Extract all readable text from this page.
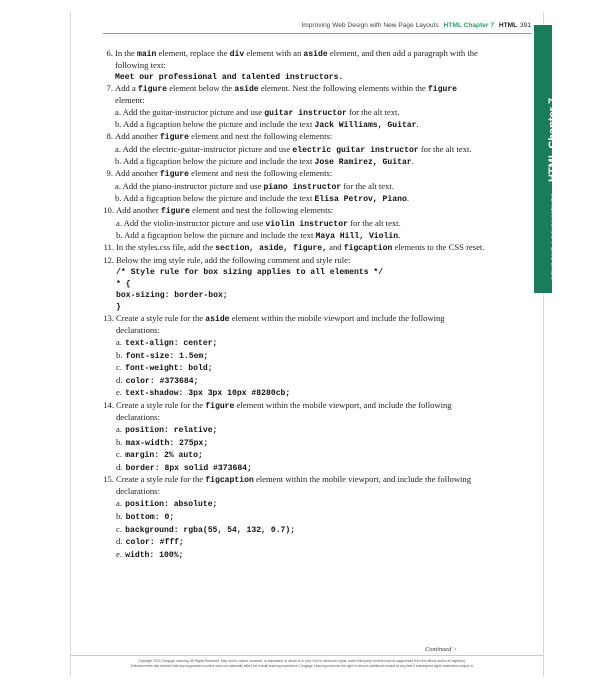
Improving Web Design with New Page Layouts HTML Chapter 7 HTML 391
STUDENT ASSIGNMENTS HTML Chapter 7
6. In the main element, replace the div element with an aside element, and then add a paragraph with the following text:
Meet our professional and talented instructors.
7. Add a figure element below the aside element. Nest the following elements within the figure element:
a. Add the guitar-instructor picture and use guitar instructor for the alt text.
b. Add a figcaption below the picture and include the text Jack Williams, Guitar.
8. Add another figure element and nest the following elements:
a. Add the electric-guitar-instructor picture and use electric guitar instructor for the alt text.
b. Add a figcaption below the picture and include the text Jose Ramirez, Guitar.
9. Add another figure element and nest the following elements:
a. Add the piano-instructor picture and use piano instructor for the alt text.
b. Add a figcaption below the picture and include the text Elisa Petrov, Piano.
10. Add another figure element and nest the following elements:
a. Add the violin-instructor picture and use violin instructor for the alt text.
b. Add a figcaption below the picture and include the text Maya Hill, Violin.
11. In the styles.css file, add the section, aside, figure, and figcaption elements to the CSS reset.
12. Below the img style rule, add the following comment and style rule:
/* Style rule for box sizing applies to all elements */
* {
box-sizing: border-box;
}
13. Create a style rule for the aside element within the mobile viewport and include the following declarations:
a. text-align: center;
b. font-size: 1.5em;
c. font-weight: bold;
d. color: #373684;
e. text-shadow: 3px 3px 10px #8280cb;
14. Create a style rule for the figure element within the mobile viewport, and include the following declarations:
a. position: relative;
b. max-width: 275px;
c. margin: 2% auto;
d. border: 8px solid #373684;
15. Create a style rule for the figcaption element within the mobile viewport, and include the following declarations:
a. position: absolute;
b. bottom: 0;
c. background: rgba(55, 54, 132, 0.7);
d. color: #fff;
e. width: 100%;
Continued >
Copyright 2023 Cengage Learning. All Rights Reserved. May not be copied, scanned, or duplicated, in whole or in part. Due to electronic rights, some third party content may be suppressed from the eBook and/or eChapter(s).
Editorial review has deemed that any suppressed content does not materially affect the overall learning experience. Cengage Learning reserves the right to remove additional content at any time if subsequent rights restrictions require it.
